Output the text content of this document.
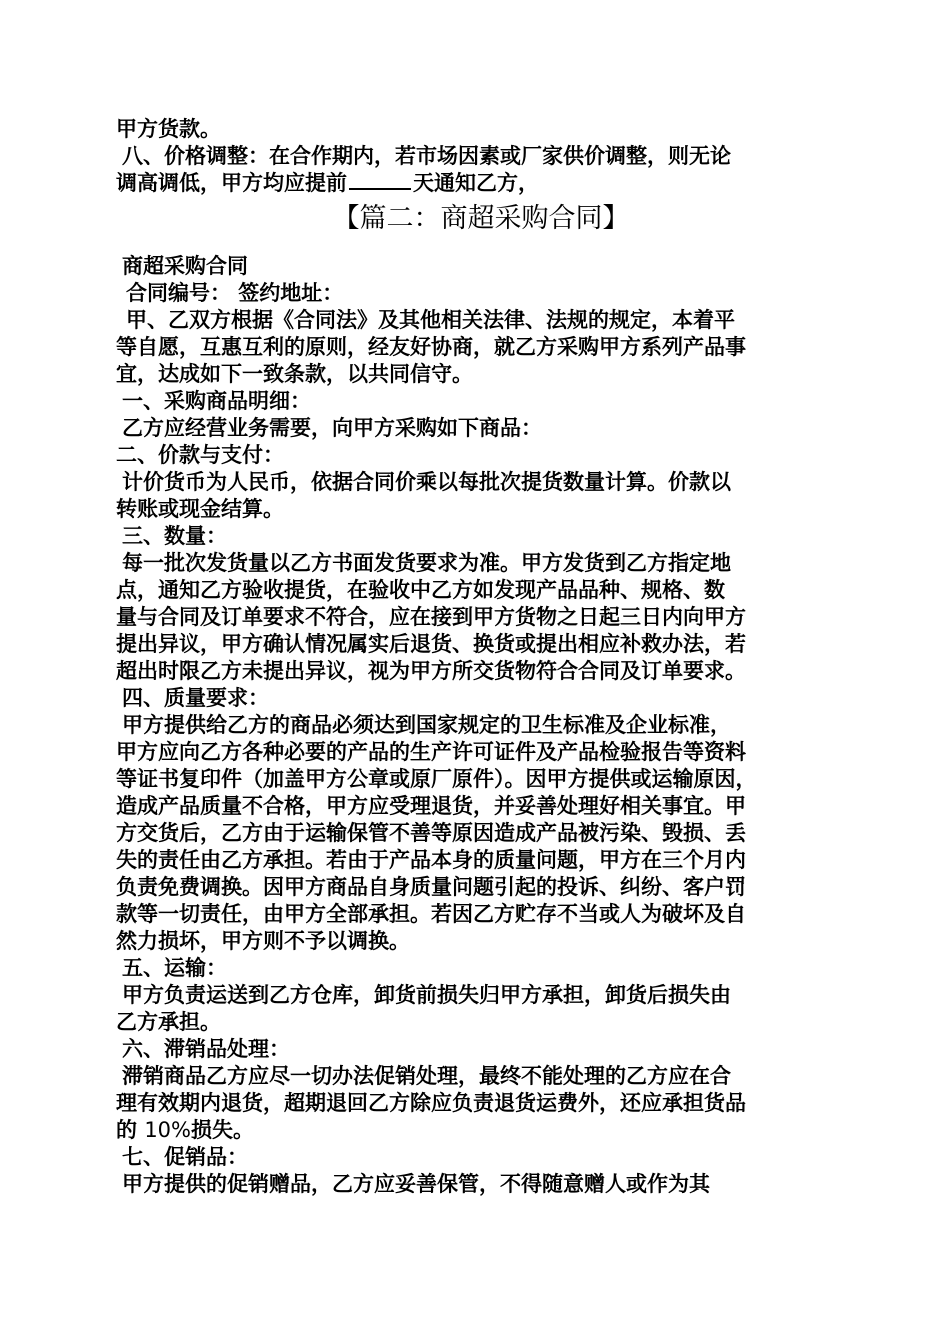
甲方货款。
八、价格调整：在合作期内，若市场因素或厂家供价调整，则无论
调高调低，甲方均应提前	天通知乙方，
【篇二：商超采购合同】
商超采购合同
合同编号： 签约地址：
甲、乙双方根据《合同法》及其他相关法律、法规的规定，本着平
等自愿，互惠互利的原则，经友好协商，就乙方采购甲方系列产品事
宜，达成如下一致条款，以共同信守。
一、采购商品明细：
乙方应经营业务需要，向甲方采购如下商品：
二、价款与支付：
计价货币为人民币，依据合同价乘以每批次提货数量计算。价款以
转账或现金结算。
三、数量：
每一批次发货量以乙方书面发货要求为准。甲方发货到乙方指定地
点，通知乙方验收提货，在验收中乙方如发现产品品种、规格、数
量与合同及订单要求不符合，应在接到甲方货物之日起三日内向甲方
提出异议，甲方确认情况属实后退货、换货或提出相应补救办法，若
超出时限乙方未提出异议，视为甲方所交货物符合合同及订单要求。
四、质量要求：
甲方提供给乙方的商品必须达到国家规定的卫生标准及企业标准，
甲方应向乙方各种必要的产品的生产许可证件及产品检验报告等资料
等证书复印件（加盖甲方公章或原厂原件）。因甲方提供或运输原因，
造成产品质量不合格，甲方应受理退货，并妥善处理好相关事宜。甲
方交货后，乙方由于运输保管不善等原因造成产品被污染、毁损、丢
失的责任由乙方承担。若由于产品本身的质量问题，甲方在三个月内
负责免费调换。因甲方商品自身质量问题引起的投诉、纠纷、客户罚
款等一切责任，由甲方全部承担。若因乙方贮存不当或人为破坏及自
然力损坏，甲方则不予以调换。
五、运输：
甲方负责运送到乙方仓库，卸货前损失归甲方承担，卸货后损失由
乙方承担。
六、滞销品处理：
滞销商品乙方应尽一切办法促销处理，最终不能处理的乙方应在合
理有效期内退货，超期退回乙方除应负责退货运费外，还应承担货品
的 10%损失。
七、促销品：
甲方提供的促销赠品，乙方应妥善保管，不得随意赠人或作为其
